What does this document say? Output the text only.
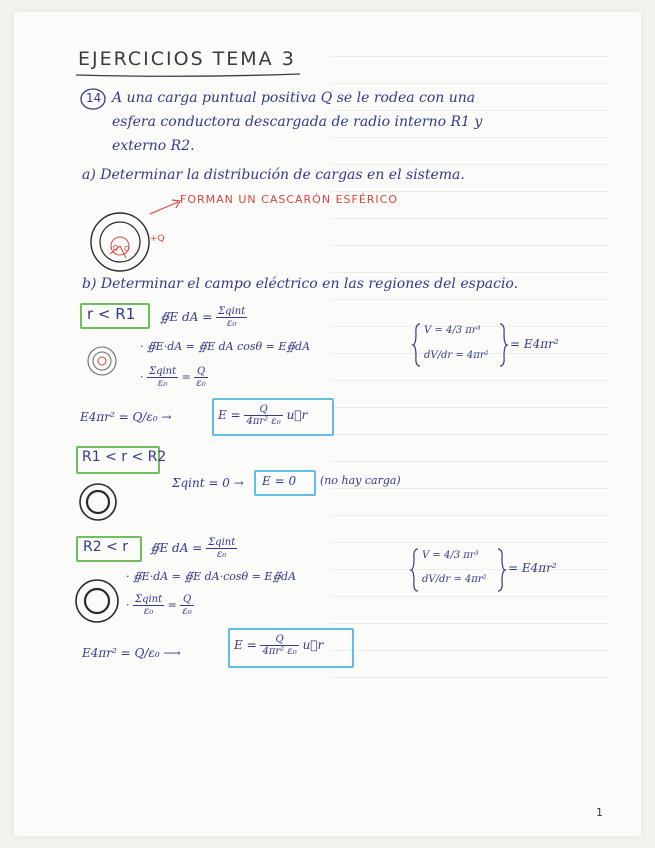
EJERCICIOS TEMA 3
14 A una carga puntual positiva Q se le rodea con una
esfera conductora descargada de radio interno R1 y
externo R2.
a) Determinar la distribución de cargas en el sistema.
FORMAN UN CASCARÓN ESFÉRICO
+Q
-Q Q
b) Determinar el campo eléctrico en las regiones del espacio.
r < R1 ∯E dA = $\frac{\text{Σqint}}{\text{ε₀}}$
· ∯E·dA = ∯E dA cosθ = E∯dA
V = 4/3 πr³
dV/dr = 4πr²
= E4πr²
· $\frac{\text{Σqint}}{\text{ε₀}} = \frac{Q}{\text{ε₀}}$
E4πr² = Q/ε₀ →	$E = \frac{Q}{\text{4πr² ε₀}}$ u⃗r
R1 < r < R2
Σqint = 0 → E = 0 (no hay carga)
R2 < r ∯E dA = $\frac{\text{Σqint}}{\text{ε₀}}$
· ∯E·dA = ∯E dA·cosθ = E∯dA
V = 4/3 πr³
dV/dr = 4πr²
= E4πr²
· $\frac{\text{Σqint}}{\text{ε₀}} = \frac{Q}{\text{ε₀}}$
E4πr² = Q/ε₀ ⟶
$E = \frac{Q}{\text{4πr² ε₀}}$ u⃗r
1
